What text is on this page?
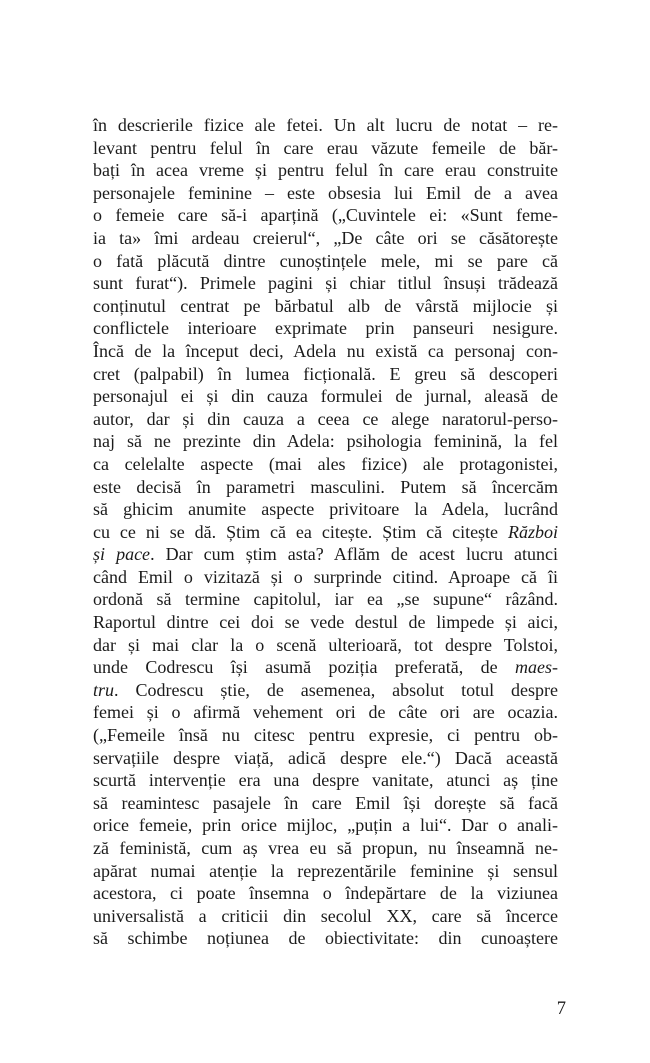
în descrierile fizice ale fetei. Un alt lucru de notat – re-
levant pentru felul în care erau văzute femeile de băr-
bați în acea vreme și pentru felul în care erau construite
personajele feminine – este obsesia lui Emil de a avea
o femeie care să-i aparțină („Cuvintele ei: «Sunt feme-
ia ta» îmi ardeau creierul“, „De câte ori se căsătorește
o fată plăcută dintre cunoștințele mele, mi se pare că
sunt furat“). Primele pagini și chiar titlul însuși trădează
conținutul centrat pe bărbatul alb de vârstă mijlocie și
conflictele interioare exprimate prin panseuri nesigure.
Încă de la început deci, Adela nu există ca personaj con-
cret (palpabil) în lumea ficțională. E greu să descoperi
personajul ei și din cauza formulei de jurnal, aleasă de
autor, dar și din cauza a ceea ce alege naratorul-perso-
naj să ne prezinte din Adela: psihologia feminină, la fel
ca celelalte aspecte (mai ales fizice) ale protagonistei,
este decisă în parametri masculini. Putem să încercăm
să ghicim anumite aspecte privitoare la Adela, lucrând
cu ce ni se dă. Știm că ea citește. Știm că citește Război
și pace. Dar cum știm asta? Aflăm de acest lucru atunci
când Emil o vizitază și o surprinde citind. Aproape că îi
ordonă să termine capitolul, iar ea „se supune“ râzând.
Raportul dintre cei doi se vede destul de limpede și aici,
dar și mai clar la o scenă ulterioară, tot despre Tolstoi,
unde Codrescu își asumă poziția preferată, de maes-
tru. Codrescu știe, de asemenea, absolut totul despre
femei și o afirmă vehement ori de câte ori are ocazia.
(„Femeile însă nu citesc pentru expresie, ci pentru ob-
servațiile despre viață, adică despre ele.“) Dacă această
scurtă intervenție era una despre vanitate, atunci aș ține
să reamintesc pasajele în care Emil își dorește să facă
orice femeie, prin orice mijloc, „puțin a lui“. Dar o anali-
ză feministă, cum aș vrea eu să propun, nu înseamnă ne-
apărat numai atenție la reprezentările feminine și sensul
acestora, ci poate însemna o îndepărtare de la viziunea
universalistă a criticii din secolul XX, care să încerce
să schimbe noțiunea de obiectivitate: din cunoaștere
7
